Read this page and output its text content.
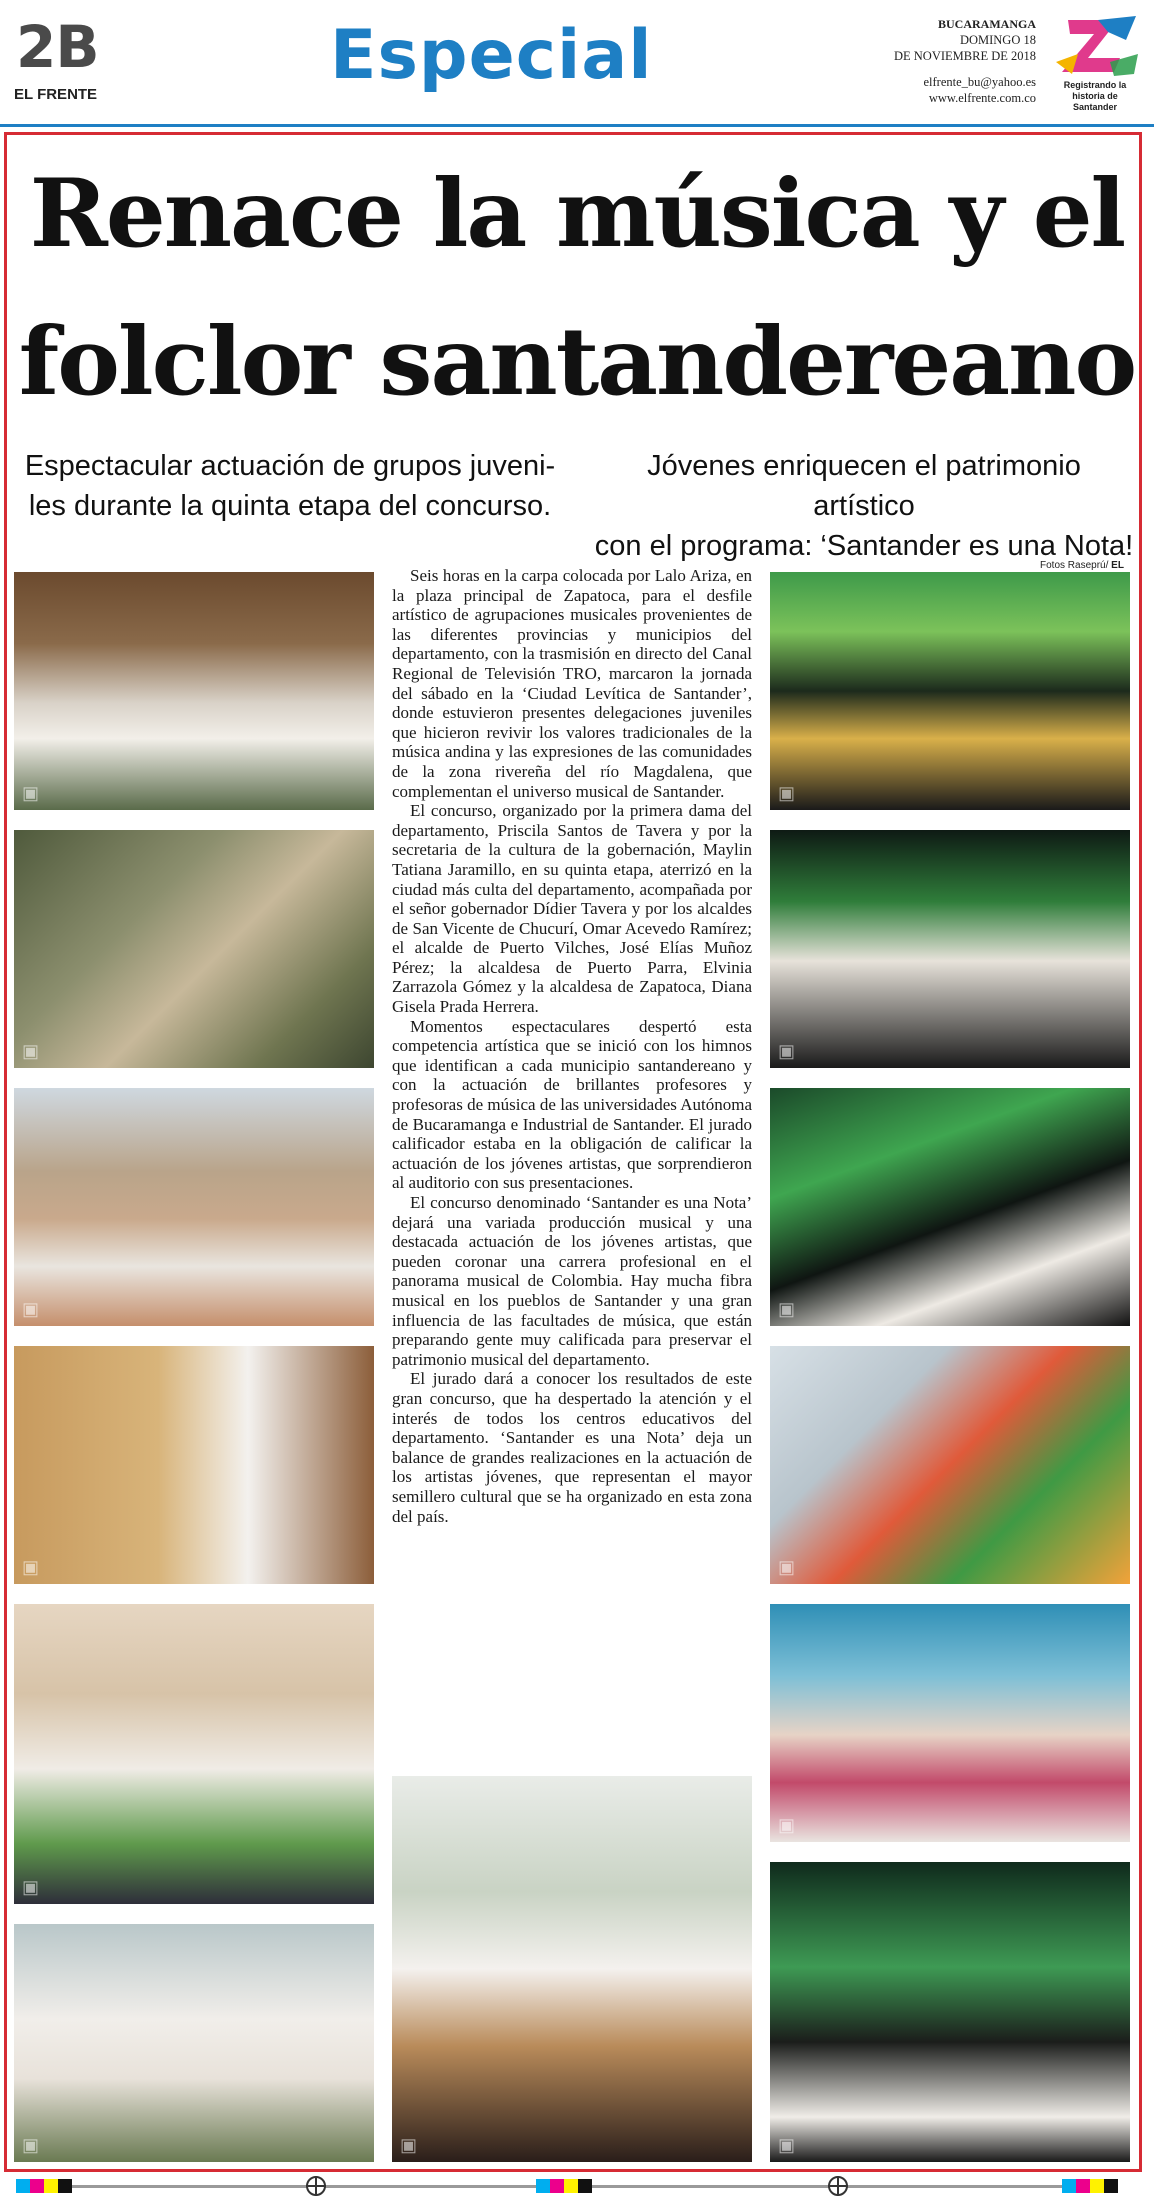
2B
EL FRENTE	Especial	BUCARAMANGA
DOMINGO 18
DE NOVIEMBRE DE 2018
elfrente_bu@yahoo.es
www.elfrente.com.co
Registrando la historia de Santander
Renace la música y el
folclor santandereano
Espectacular actuación de grupos juveni-
les durante la quinta etapa del concurso.
Jóvenes enriquecen el patrimonio artístico
con el programa: ‘Santander es una Nota!
Fotos Raseprú/ EL
▣
▣
▣
▣
▣
▣

Seis horas en la carpa colocada por Lalo Ariza, en la plaza principal de Zapatoca, para el desfile artístico de agrupaciones musicales provenientes de las diferentes provincias y municipios del departamento, con la trasmisión en directo del Canal Regional de Televisión TRO, marcaron la jornada del sábado en la ‘Ciudad Levítica de Santander’, donde estuvieron presentes delegaciones juveniles que hicieron revivir los valores tradicionales de la música andina y las expresiones de las comunidades de la zona rivereña del río Magdalena, que complementan el universo musical de Santander.

El concurso, organizado por la primera dama del departamento, Priscila Santos de Tavera y por la secretaria de la cultura de la gobernación, Maylin Tatiana Jaramillo, en su quinta etapa, aterrizó en la ciudad más culta del departamento, acompañada por el señor gobernador Dídier Tavera y por los alcaldes de San Vicente de Chucurí, Omar Acevedo Ramírez; el alcalde de Puerto Vilches, José Elías Muñoz Pérez; la alcaldesa de Puerto Parra, Elvinia Zarrazola Gómez y la alcaldesa de Zapatoca, Diana Gisela Prada Herrera.

Momentos espectaculares despertó esta competencia artística que se inició con los himnos que identifican a cada municipio santandereano y con la actuación de brillantes profesores y profesoras de música de las universidades Autónoma de Bucaramanga e Industrial de Santander. El jurado calificador estaba en la obligación de calificar la actuación de los jóvenes artistas, que sorprendieron al auditorio con sus presentaciones.

El concurso denominado ‘Santander es una Nota’ dejará una variada producción musical y una destacada actuación de los jóvenes artistas, que pueden coronar una carrera profesional en el panorama musical de Colombia. Hay mucha fibra musical en los pueblos de Santander y una gran influencia de las facultades de música, que están preparando gente muy calificada para preservar el patrimonio musical del departamento.

El jurado dará a conocer los resultados de este gran concurso, que ha despertado la atención y el interés de todos los centros educativos del departamento. ‘Santander es una Nota’ deja un balance de grandes realizaciones en la actuación de los artistas jóvenes, que representan el mayor semillero cultural que se ha organizado en esta zona del país.

▣
▣
▣
▣
▣
▣
▣
